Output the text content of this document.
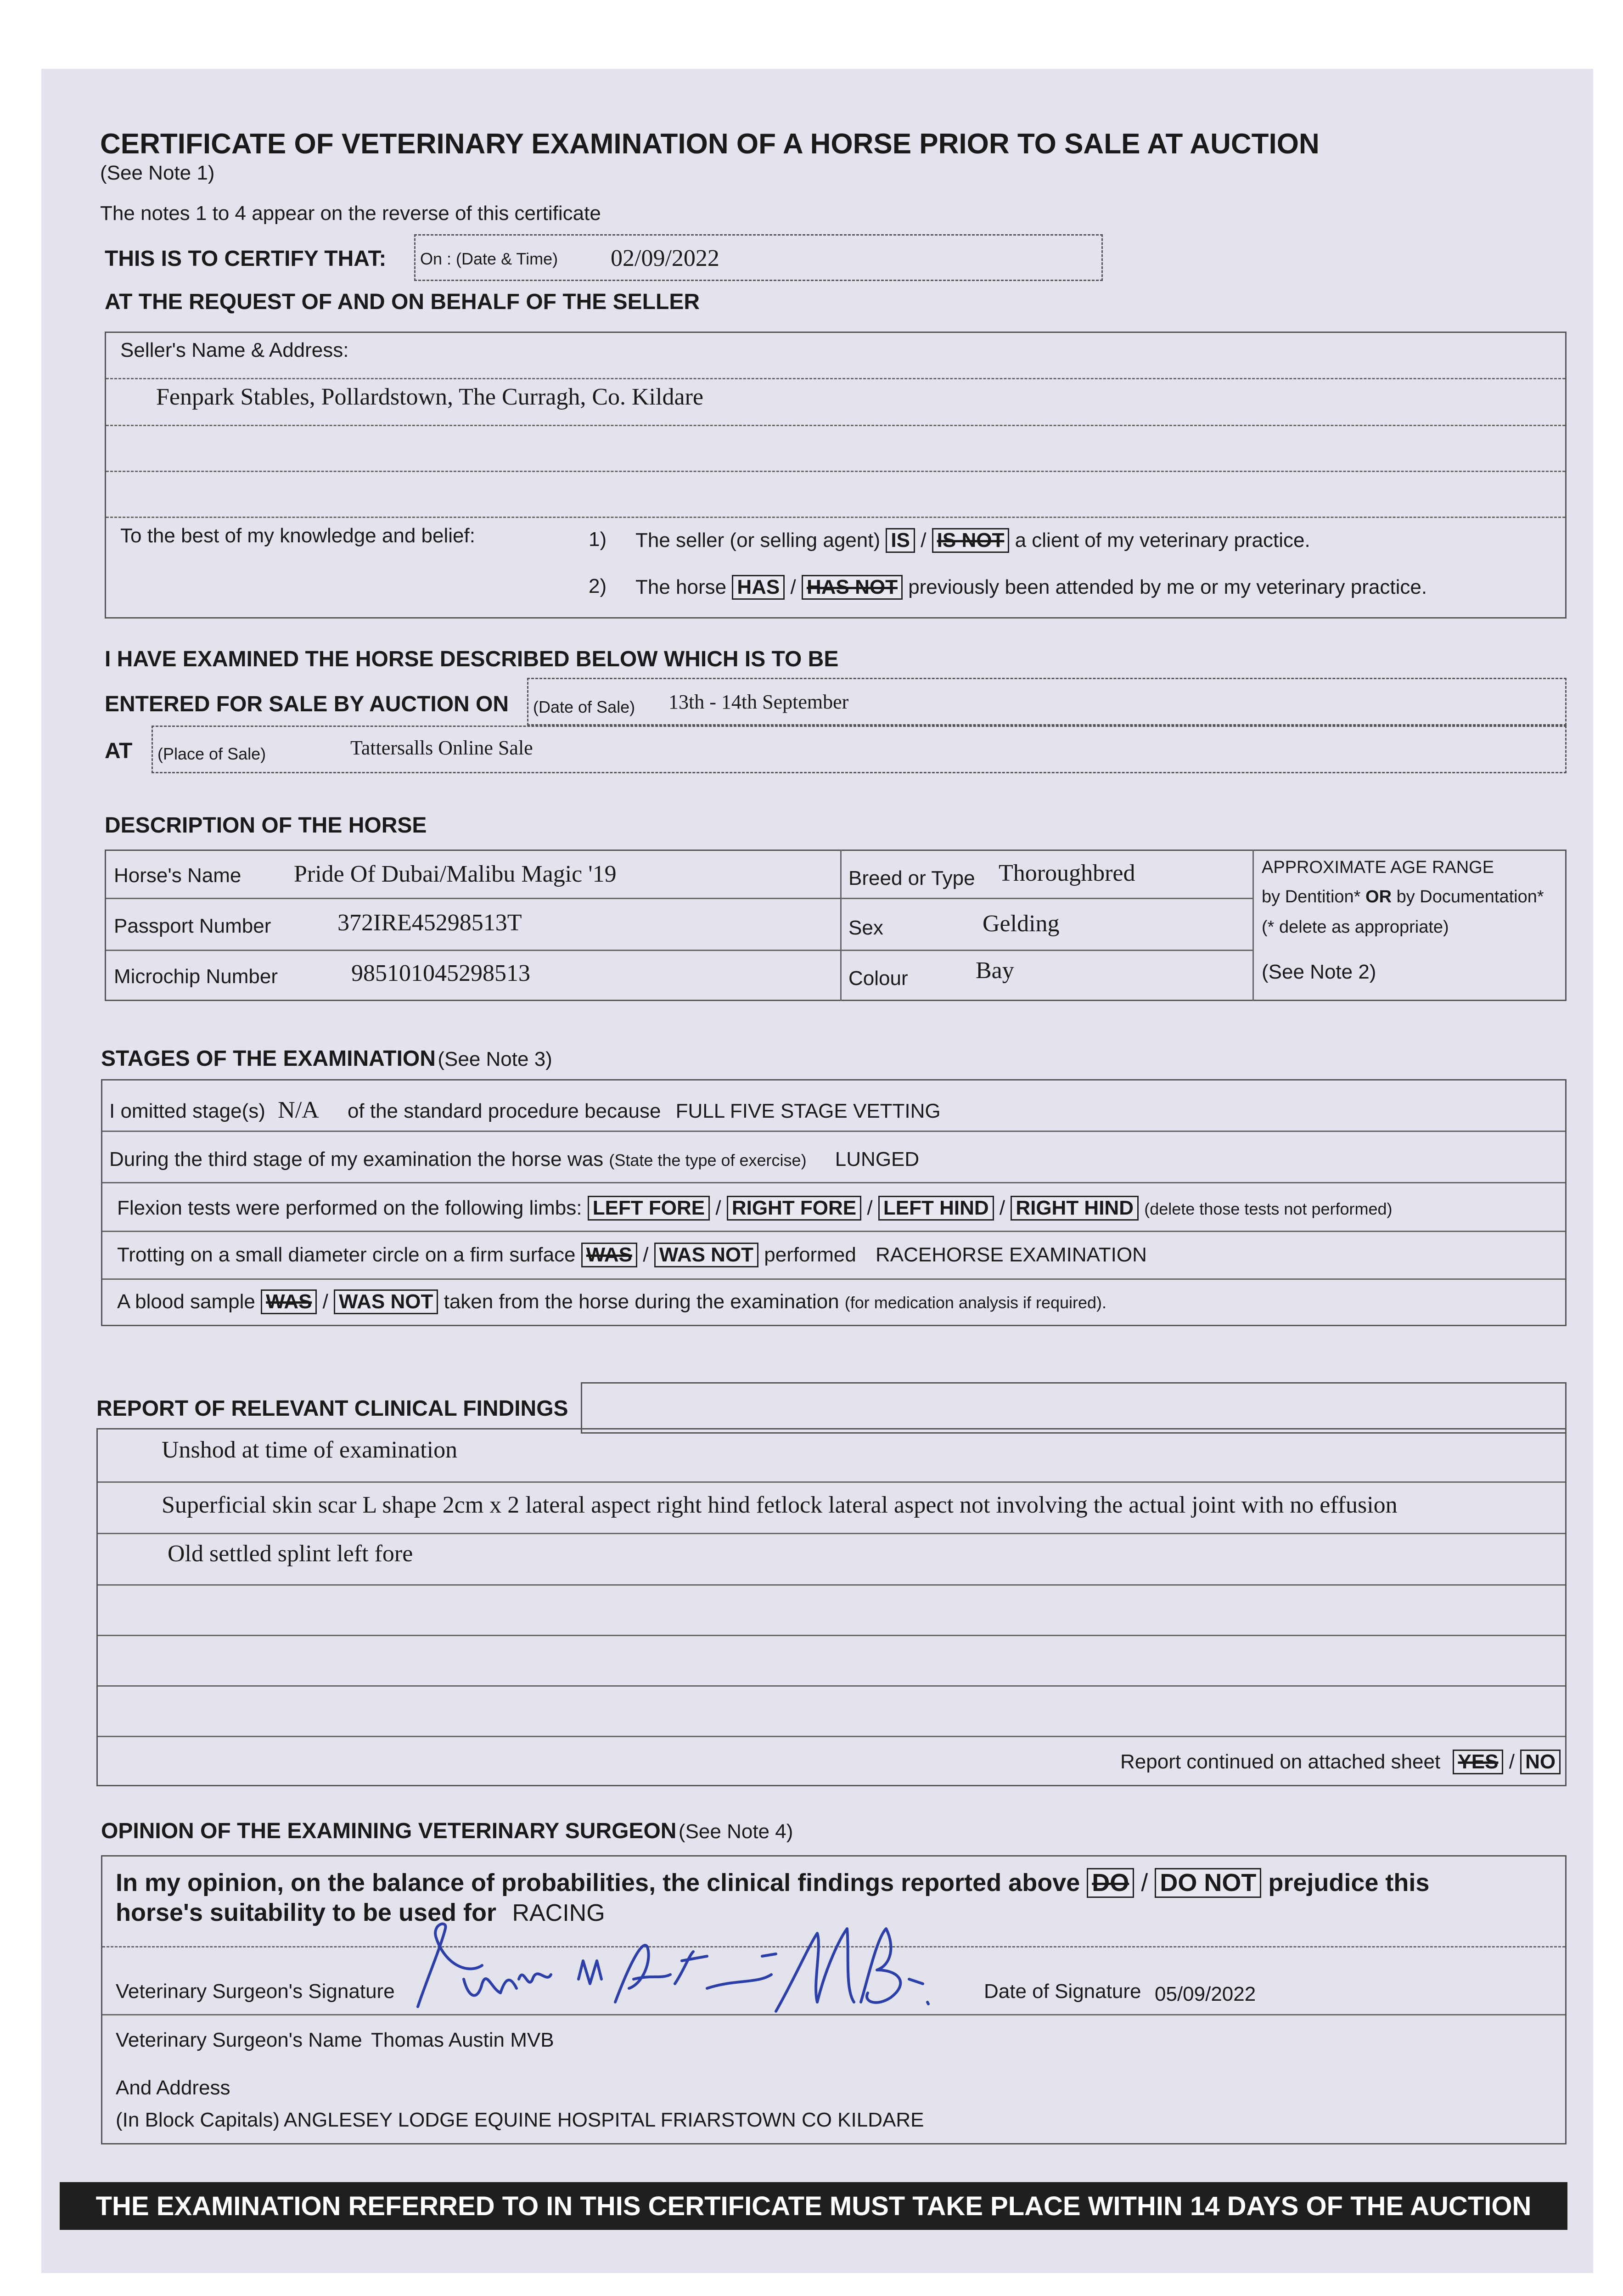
CERTIFICATE OF VETERINARY EXAMINATION OF A HORSE PRIOR TO SALE AT AUCTION
(See Note 1)
The notes 1 to 4 appear on the reverse of this certificate
THIS IS TO CERTIFY THAT: On : (Date & Time) 02/09/2022
AT THE REQUEST OF AND ON BEHALF OF THE SELLER
Seller's Name & Address:
Fenpark Stables, Pollardstown, The Curragh, Co. Kildare
To the best of my knowledge and belief:	1) The seller (or selling agent) IS / IS NOT a client of my veterinary practice.
2) The horse HAS / HAS NOT previously been attended by me or my veterinary practice.
I HAVE EXAMINED THE HORSE DESCRIBED BELOW WHICH IS TO BE
ENTERED FOR SALE BY AUCTION ON (Date of Sale) 13th - 14th September
AT (Place of Sale)	Tattersalls Online Sale
DESCRIPTION OF THE HORSE
Horse's Name Pride Of Dubai/Malibu Magic '19
Passport Number	372IRE45298513T
Microchip Number	985101045298513
Breed or Type Thoroughbred
Sex	Gelding
Colour	Bay
APPROXIMATE AGE RANGE
by Dentition* OR by Documentation*
(* delete as appropriate)
(See Note 2)
STAGES OF THE EXAMINATION (See Note 3)
I omitted stage(s) N/A of the standard procedure because FULL FIVE STAGE VETTING
During the third stage of my examination the horse was (State the type of exercise) LUNGED
Flexion tests were performed on the following limbs: LEFT FORE / RIGHT FORE / LEFT HIND / RIGHT HIND (delete those tests not performed)
Trotting on a small diameter circle on a firm surface WAS / WAS NOT performed RACEHORSE EXAMINATION
A blood sample WAS / WAS NOT taken from the horse during the examination (for medication analysis if required).
REPORT OF RELEVANT CLINICAL FINDINGS
Unshod at time of examination
Superficial skin scar L shape 2cm x 2 lateral aspect right hind fetlock lateral aspect not involving the actual joint with no effusion
Old settled splint left fore
Report continued on attached sheet YES / NO
OPINION OF THE EXAMINING VETERINARY SURGEON (See Note 4)
In my opinion, on the balance of probabilities, the clinical findings reported above DO / DO NOT prejudice this
horse's suitability to be used for RACING
Veterinary Surgeon's Signature	Date of Signature 05/09/2022
Veterinary Surgeon's Name Thomas Austin MVB
And Address
(In Block Capitals) ANGLESEY LODGE EQUINE HOSPITAL FRIARSTOWN CO KILDARE
THE EXAMINATION REFERRED TO IN THIS CERTIFICATE MUST TAKE PLACE WITHIN 14 DAYS OF THE AUCTION
